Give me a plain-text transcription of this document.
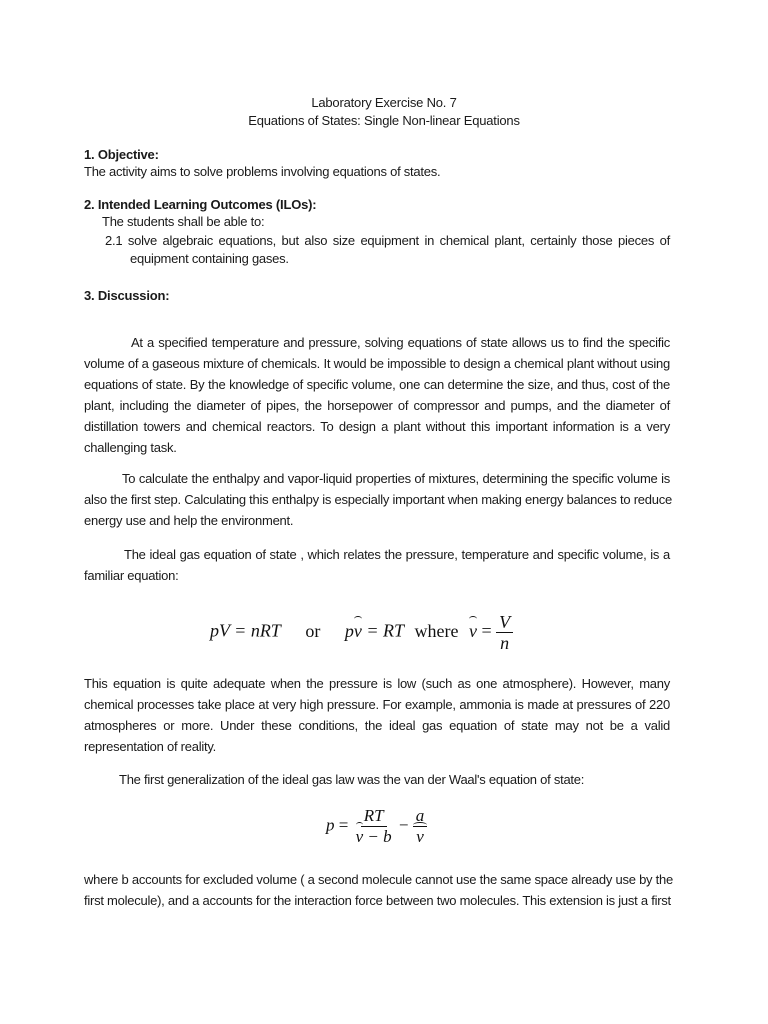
Laboratory Exercise No. 7
Equations of States: Single Non-linear Equations
1. Objective:
The activity aims to solve problems involving equations of states.
2. Intended Learning Outcomes (ILOs):
The students shall be able to:
2.1 solve algebraic equations, but also size equipment in chemical plant, certainly those pieces of
equipment containing gases.
3. Discussion:
At a specified temperature and pressure, solving equations of state allows us to find the specific
volume of a gaseous mixture of chemicals. It would be impossible to design a chemical plant without using
equations of state. By the knowledge of specific volume, one can determine the size, and thus, cost of the
plant, including the diameter of pipes, the horsepower of compressor and pumps, and the diameter of
distillation towers and chemical reactors. To design a plant without this important information is a very
challenging task.
To calculate the enthalpy and vapor-liquid properties of mixtures, determining the specific volume is
also the first step. Calculating this enthalpy is especially important when making energy balances to reduce
energy use and help the environment.
The ideal gas equation of state , which relates the pressure, temperature and specific volume, is a
familiar equation:
pV = nRT or pv = RT where $v = \frac{V}{n}$
This equation is quite adequate when the pressure is low (such as one atmosphere). However, many
chemical processes take place at very high pressure. For example, ammonia is made at pressures of 220
atmospheres or more. Under these conditions, the ideal gas equation of state may not be a valid
representation of reality.
The first generalization of the ideal gas law was the van der Waal's equation of state:
$p = \frac{RT}{v - b} - \frac{a}{v}$
where b accounts for excluded volume ( a second molecule cannot use the same space already use by the
first molecule), and a accounts for the interaction force between two molecules. This extension is just a first
